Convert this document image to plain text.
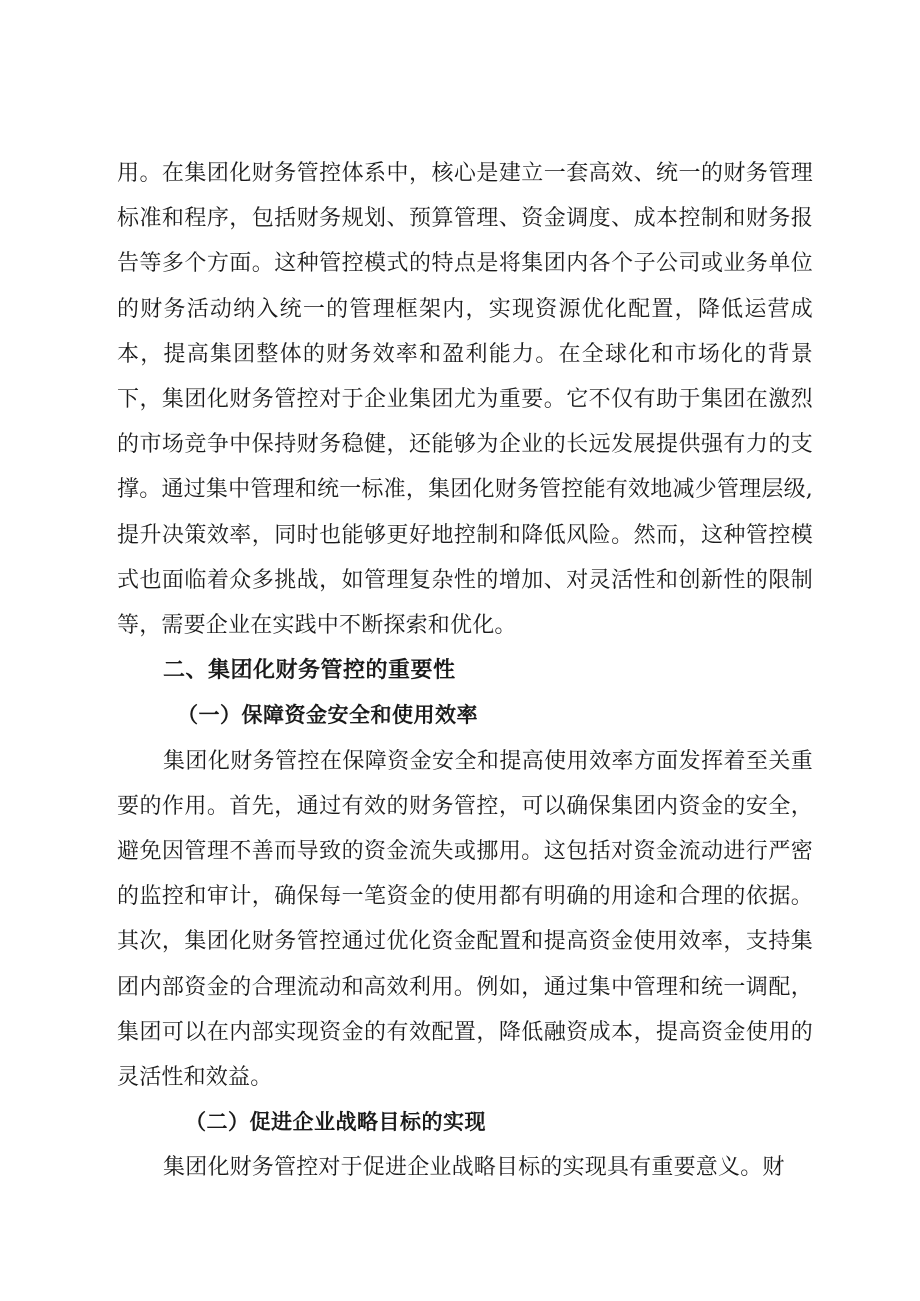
用。在集团化财务管控体系中，核心是建立一套高效、统一的财务管理标准和程序，包括财务规划、预算管理、资金调度、成本控制和财务报告等多个方面。这种管控模式的特点是将集团内各个子公司或业务单位的财务活动纳入统一的管理框架内，实现资源优化配置，降低运营成本，提高集团整体的财务效率和盈利能力。在全球化和市场化的背景下，集团化财务管控对于企业集团尤为重要。它不仅有助于集团在激烈的市场竞争中保持财务稳健，还能够为企业的长远发展提供强有力的支撑。通过集中管理和统一标准，集团化财务管控能有效地减少管理层级,提升决策效率，同时也能够更好地控制和降低风险。然而，这种管控模式也面临着众多挑战，如管理复杂性的增加、对灵活性和创新性的限制等，需要企业在实践中不断探索和优化。

二、集团化财务管控的重要性
（一）保障资金安全和使用效率

集团化财务管控在保障资金安全和提高使用效率方面发挥着至关重要的作用。首先，通过有效的财务管控，可以确保集团内资金的安全，避免因管理不善而导致的资金流失或挪用。这包括对资金流动进行严密的监控和审计，确保每一笔资金的使用都有明确的用途和合理的依据。其次，集团化财务管控通过优化资金配置和提高资金使用效率，支持集团内部资金的合理流动和高效利用。例如，通过集中管理和统一调配，集团可以在内部实现资金的有效配置，降低融资成本，提高资金使用的灵活性和效益。

（二）促进企业战略目标的实现

集团化财务管控对于促进企业战略目标的实现具有重要意义。财
